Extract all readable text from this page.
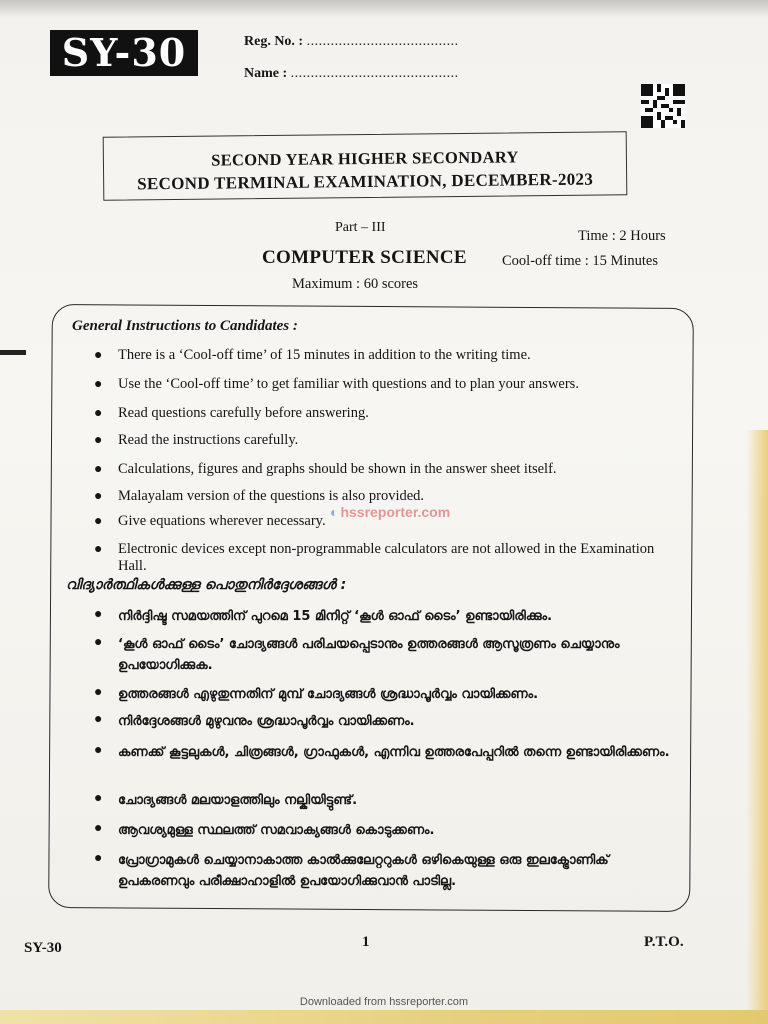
SY-30	Reg. No. : ......................................
Name : ..........................................
SECOND YEAR HIGHER SECONDARY
SECOND TERMINAL EXAMINATION, DECEMBER-2023
Part – III
COMPUTER SCIENCE
Maximum : 60 scores
Time : 2 Hours
Cool-off time : 15 Minutes
General Instructions to Candidates :
●	There is a ‘Cool-off time’ of 15 minutes in addition to the writing time.
●	Use the ‘Cool-off time’ to get familiar with questions and to plan your answers.
●	Read questions carefully before answering.
●	Read the instructions carefully.
●	Calculations, figures and graphs should be shown in the answer sheet itself.
●	Malayalam version of the questions is also provided.
●	Give equations wherever necessary.
●	Electronic devices except non-programmable calculators are not allowed in the Examination Hall.
◐ hssreporter.com
വിദ്യാർത്ഥികൾക്കുള്ള പൊതുനിർദ്ദേശങ്ങൾ :
●	നിർദ്ദിഷ്ട സമയത്തിന് പുറമെ 15 മിനിറ്റ് ‘കൂൾ ഓഫ് ടൈം’ ഉണ്ടായിരിക്കും.
●	‘കൂൾ ഓഫ് ടൈം’ ചോദ്യങ്ങൾ പരിചയപ്പെടാനും ഉത്തരങ്ങൾ ആസൂത്രണം ചെയ്യാനും ഉപയോഗിക്കുക.
●	ഉത്തരങ്ങൾ എഴുതുന്നതിന് മുമ്പ് ചോദ്യങ്ങൾ ശ്രദ്ധാപൂർവ്വം വായിക്കണം.
●	നിർദ്ദേശങ്ങൾ മുഴുവനും ശ്രദ്ധാപൂർവ്വം വായിക്കണം.
●	കണക്ക് കൂട്ടലുകൾ, ചിത്രങ്ങൾ, ഗ്രാഫുകൾ, എന്നിവ ഉത്തരപേപ്പറിൽ തന്നെ ഉണ്ടായിരിക്കണം.
●	ചോദ്യങ്ങൾ മലയാളത്തിലും നല്കിയിട്ടുണ്ട്.
●	ആവശ്യമുള്ള സ്ഥലത്ത് സമവാക്യങ്ങൾ കൊടുക്കണം.
●	പ്രോഗ്രാമുകൾ ചെയ്യാനാകാത്ത കാൽക്കുലേറ്ററുകൾ ഒഴികെയുള്ള ഒരു ഇലക്ട്രോണിക് ഉപകരണവും പരീക്ഷാഹാളിൽ ഉപയോഗിക്കുവാൻ പാടില്ല.
SY-30	1	P.T.O.
Downloaded from hssreporter.com
